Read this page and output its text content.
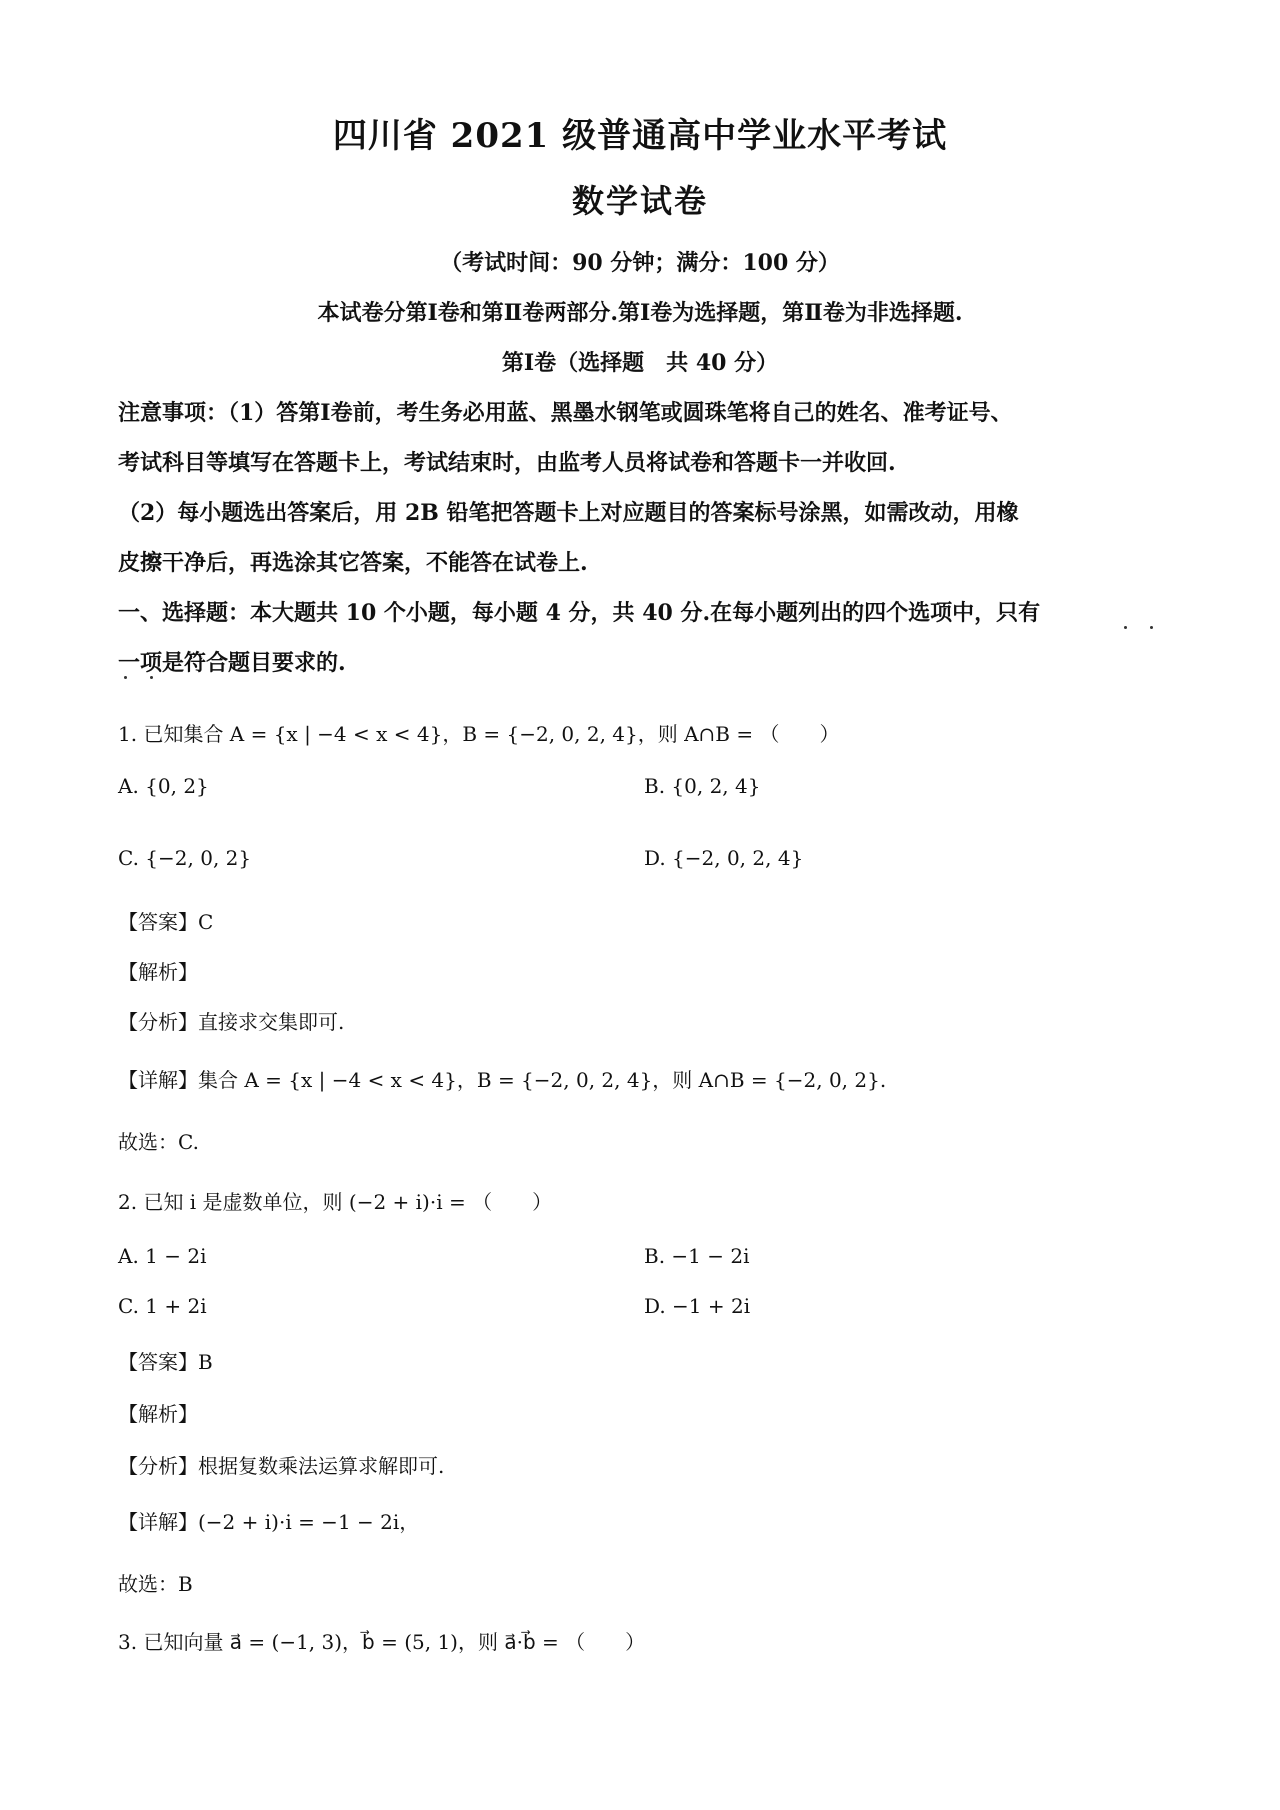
四川省 2021 级普通高中学业水平考试
数学试卷
（考试时间：90 分钟；满分：100 分）
本试卷分第Ⅰ卷和第Ⅱ卷两部分.第Ⅰ卷为选择题，第Ⅱ卷为非选择题.
第Ⅰ卷（选择题　共 40 分）
注意事项：（1）答第Ⅰ卷前，考生务必用蓝、黑墨水钢笔或圆珠笔将自己的姓名、准考证号、
考试科目等填写在答题卡上，考试结束时，由监考人员将试卷和答题卡一并收回.
（2）每小题选出答案后，用 2B 铅笔把答题卡上对应题目的答案标号涂黑，如需改动，用橡
皮擦干净后，再选涂其它答案，不能答在试卷上.
一、选择题：本大题共 10 个小题，每小题 4 分，共 40 分.在每小题列出的四个选项中，只有
一项是符合题目要求的.
1. 已知集合 A = {x | −4 < x < 4}，B = {−2, 0, 2, 4}，则 A∩B = （　　）
A. {0, 2}	B. {0, 2, 4}
C. {−2, 0, 2}	D. {−2, 0, 2, 4}
【答案】C
【解析】
【分析】直接求交集即可.
【详解】集合 A = {x | −4 < x < 4}，B = {−2, 0, 2, 4}，则 A∩B = {−2, 0, 2}.
故选：C.
2. 已知 i 是虚数单位，则 (−2 + i)·i = （　　）
A. 1 − 2i	B. −1 − 2i
C. 1 + 2i	D. −1 + 2i
【答案】B
【解析】
【分析】根据复数乘法运算求解即可.
【详解】(−2 + i)·i = −1 − 2i，
故选：B
3. 已知向量 a⃗ = (−1, 3)，b⃗ = (5, 1)，则 a⃗·b⃗ = （　　）
